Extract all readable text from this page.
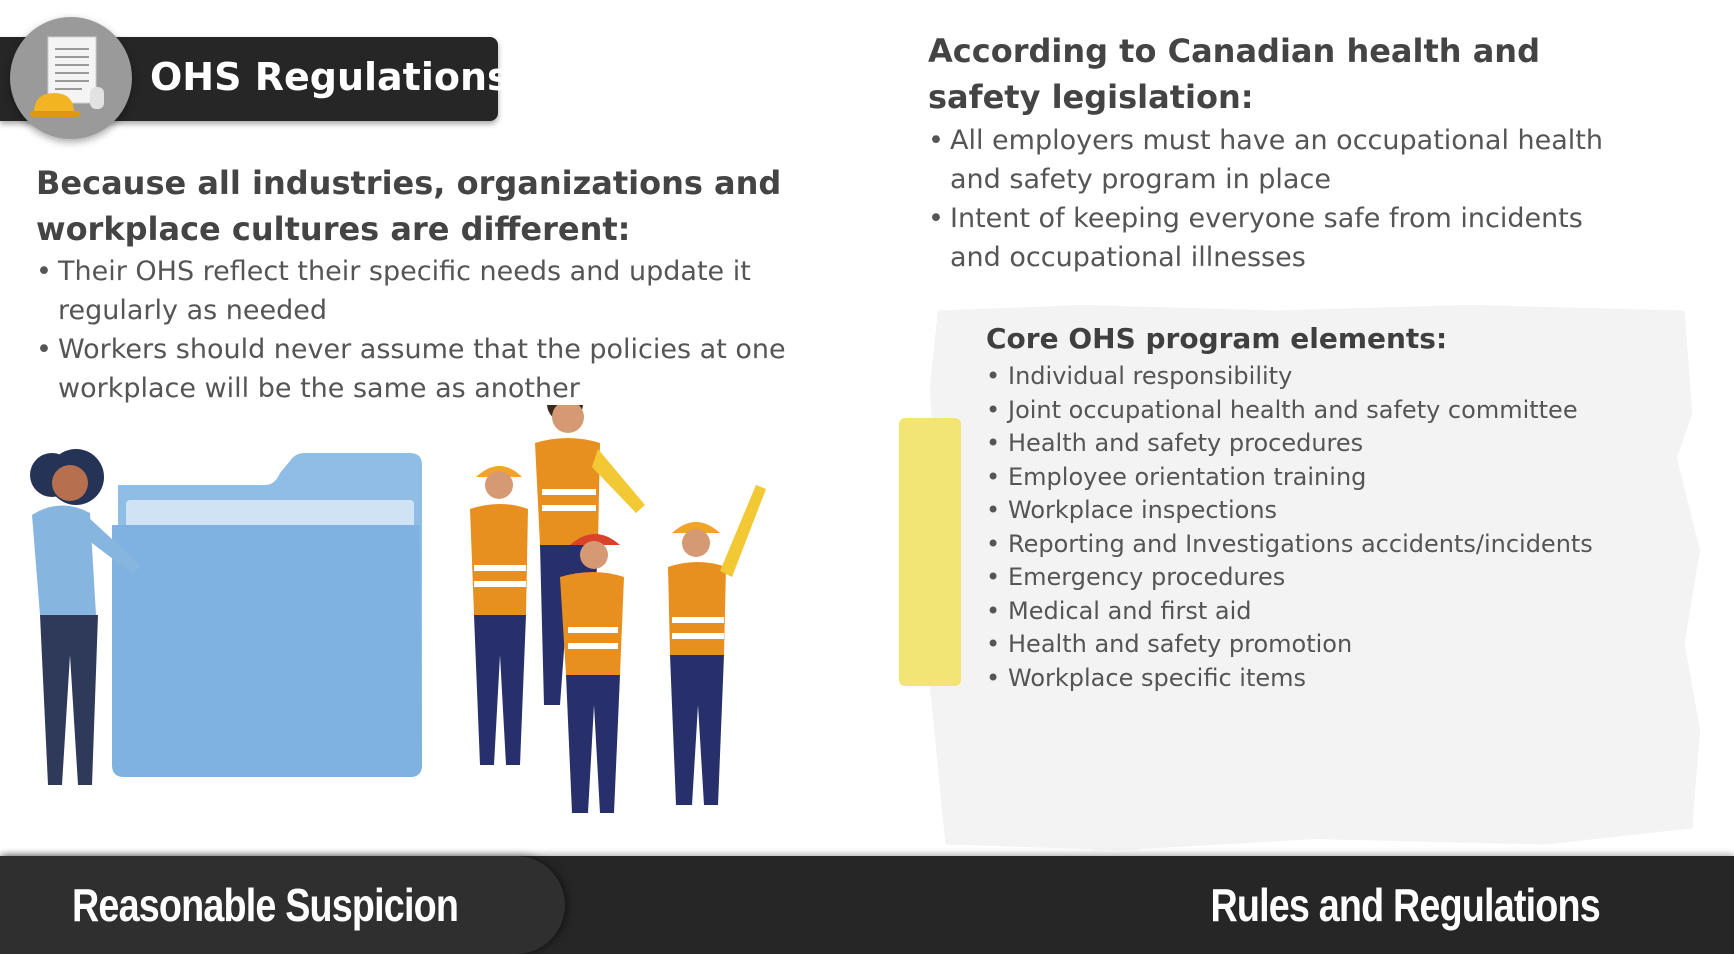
OHS Regulations
Because all industries, organizations and workplace cultures are different:
• Their OHS reflect their specific needs and update it regularly as needed
• Workers should never assume that the policies at one workplace will be the same as another
According to Canadian health and safety legislation:
• All employers must have an occupational health and safety program in place
• Intent of keeping everyone safe from incidents and occupational illnesses
Core OHS program elements:
• Individual responsibility
• Joint occupational health and safety committee
• Health and safety procedures
• Employee orientation training
• Workplace inspections
• Reporting and Investigations accidents/incidents
• Emergency procedures
• Medical and first aid
• Health and safety promotion
• Workplace specific items
Reasonable Suspicion	Rules and Regulations
